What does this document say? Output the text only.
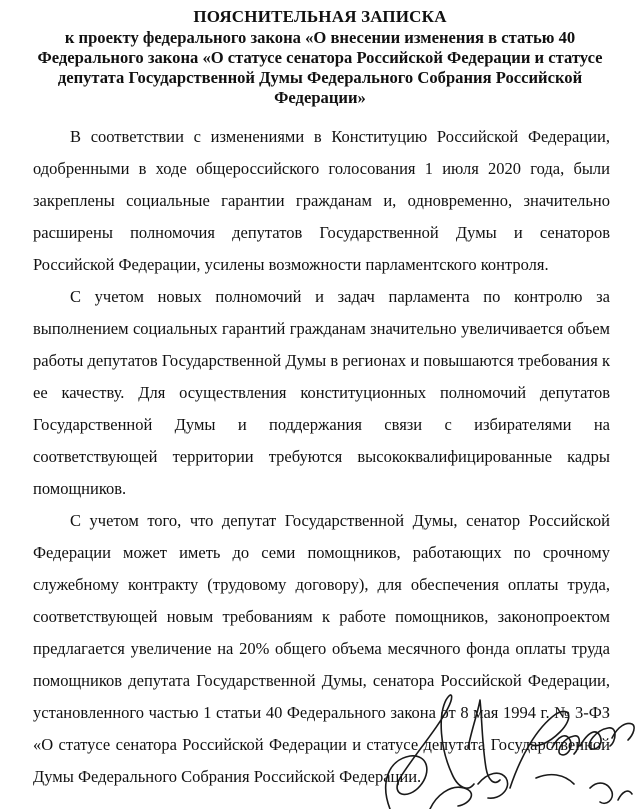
ПОЯСНИТЕЛЬНАЯ ЗАПИСКА
к проекту федерального закона «О внесении изменения в статью 40 Федерального закона «О статусе сенатора Российской Федерации и статусе депутата Государственной Думы Федерального Собрания Российской Федерации»

В соответствии с изменениями в Конституцию Российской Федерации, одобренными в ходе общероссийского голосования 1 июля 2020 года, были закреплены социальные гарантии гражданам и, одновременно, значительно расширены полномочия депутатов Государственной Думы и сенаторов Российской Федерации, усилены возможности парламентского контроля.

С учетом новых полномочий и задач парламента по контролю за выполнением социальных гарантий гражданам значительно увеличивается объем работы депутатов Государственной Думы в регионах и повышаются требования к ее качеству. Для осуществления конституционных полномочий депутатов Государственной Думы и поддержания связи с избирателями на соответствующей территории требуются высококвалифицированные кадры помощников.

С учетом того, что депутат Государственной Думы, сенатор Российской Федерации может иметь до семи помощников, работающих по срочному служебному контракту (трудовому договору), для обеспечения оплаты труда, соответствующей новым требованиям к работе помощников, законопроектом предлагается увеличение на 20% общего объема месячного фонда оплаты труда помощников депутата Государственной Думы, сенатора Российской Федерации, установленного частью 1 статьи 40 Федерального закона от 8 мая 1994 г. № 3-ФЗ «О статусе сенатора Российской Федерации и статусе депутата Государственной Думы Федерального Собрания Российской Федерации.
